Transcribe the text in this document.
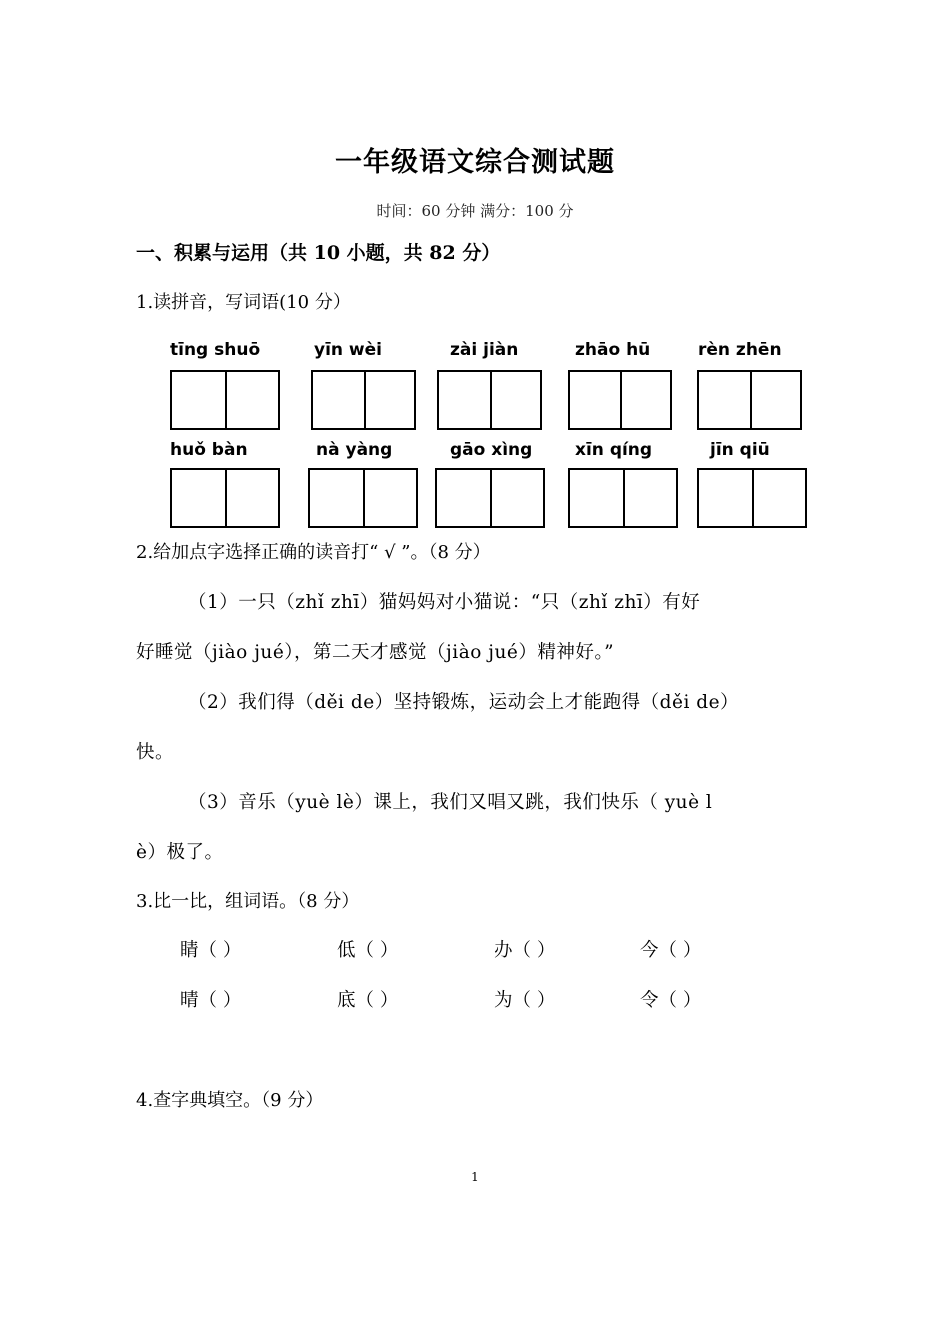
一年级语文综合测试题
时间：60 分钟 满分：100 分
一、积累与运用（共 10 小题，共 82 分）
1.读拼音，写词语(10 分）
tīng shuō	yīn wèi	zài jiàn	zhāo hū	rèn zhēn
huǒ bàn	nà yàng	gāo xìng	xīn qíng	jīn qiū
2.给加点字选择正确的读音打“ √ ”。（8 分）
（1）一只（zhǐ zhī）猫妈妈对小猫说：“只（zhǐ zhī）有好
好睡觉（jiào jué），第二天才感觉（jiào jué）精神好。”
（2）我们得（děi de）坚持锻炼，运动会上才能跑得（děi de）
快。
（3）音乐（yuè lè）课上，我们又唱又跳，我们快乐（ yuè l
è）极了。
3.比一比，组词语。（8 分）
睛（ ）	低（ ）	办（ ）	今（ ）
晴（ ）	底（ ）	为（ ）	令（ ）
4.查字典填空。（9 分）
1
